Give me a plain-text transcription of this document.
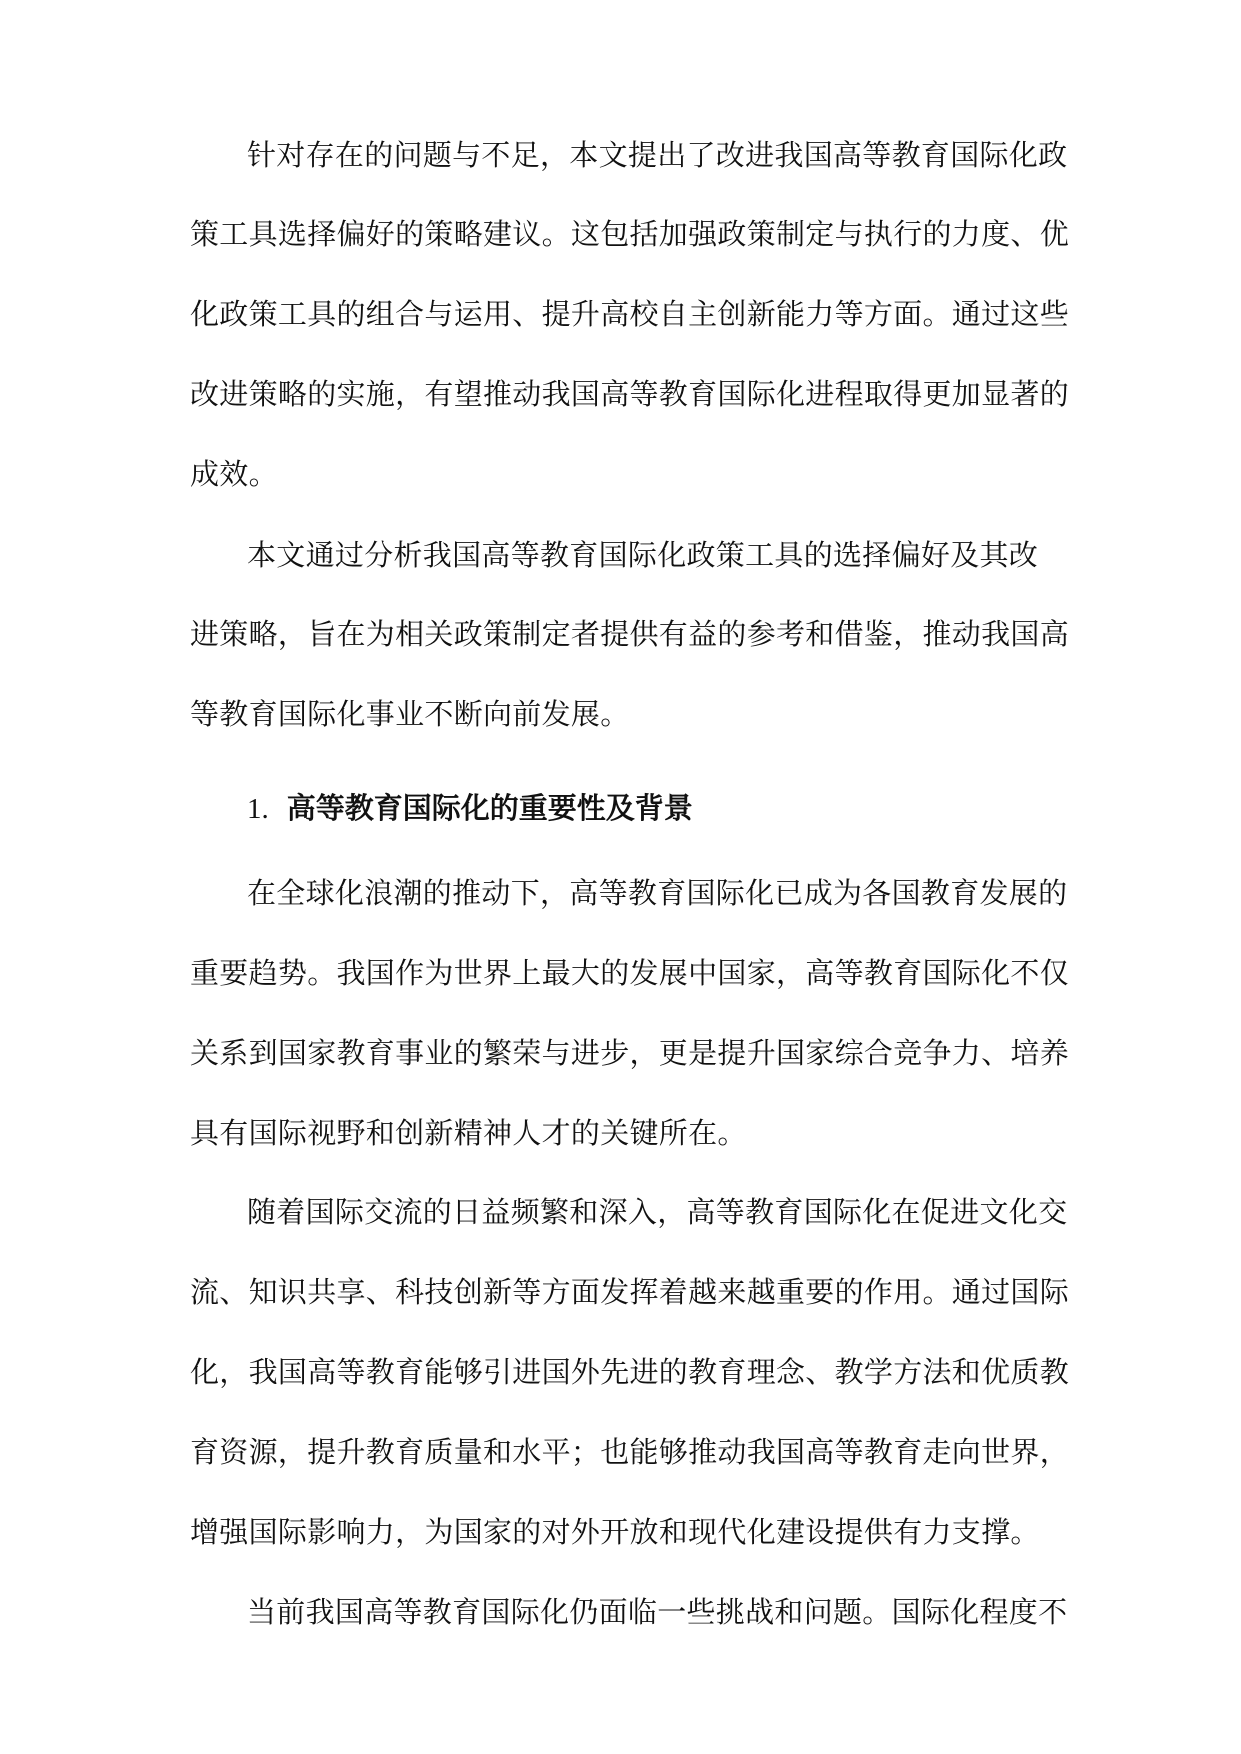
针对存在的问题与不足，本文提出了改进我国高等教育国际化政
策工具选择偏好的策略建议。这包括加强政策制定与执行的力度、优
化政策工具的组合与运用、提升高校自主创新能力等方面。通过这些
改进策略的实施，有望推动我国高等教育国际化进程取得更加显著的
成效。
本文通过分析我国高等教育国际化政策工具的选择偏好及其改
进策略，旨在为相关政策制定者提供有益的参考和借鉴，推动我国高
等教育国际化事业不断向前发展。
1. 高等教育国际化的重要性及背景
在全球化浪潮的推动下，高等教育国际化已成为各国教育发展的
重要趋势。我国作为世界上最大的发展中国家，高等教育国际化不仅
关系到国家教育事业的繁荣与进步，更是提升国家综合竞争力、培养
具有国际视野和创新精神人才的关键所在。
随着国际交流的日益频繁和深入，高等教育国际化在促进文化交
流、知识共享、科技创新等方面发挥着越来越重要的作用。通过国际
化，我国高等教育能够引进国外先进的教育理念、教学方法和优质教
育资源，提升教育质量和水平；也能够推动我国高等教育走向世界，
增强国际影响力，为国家的对外开放和现代化建设提供有力支撑。
当前我国高等教育国际化仍面临一些挑战和问题。国际化程度不
